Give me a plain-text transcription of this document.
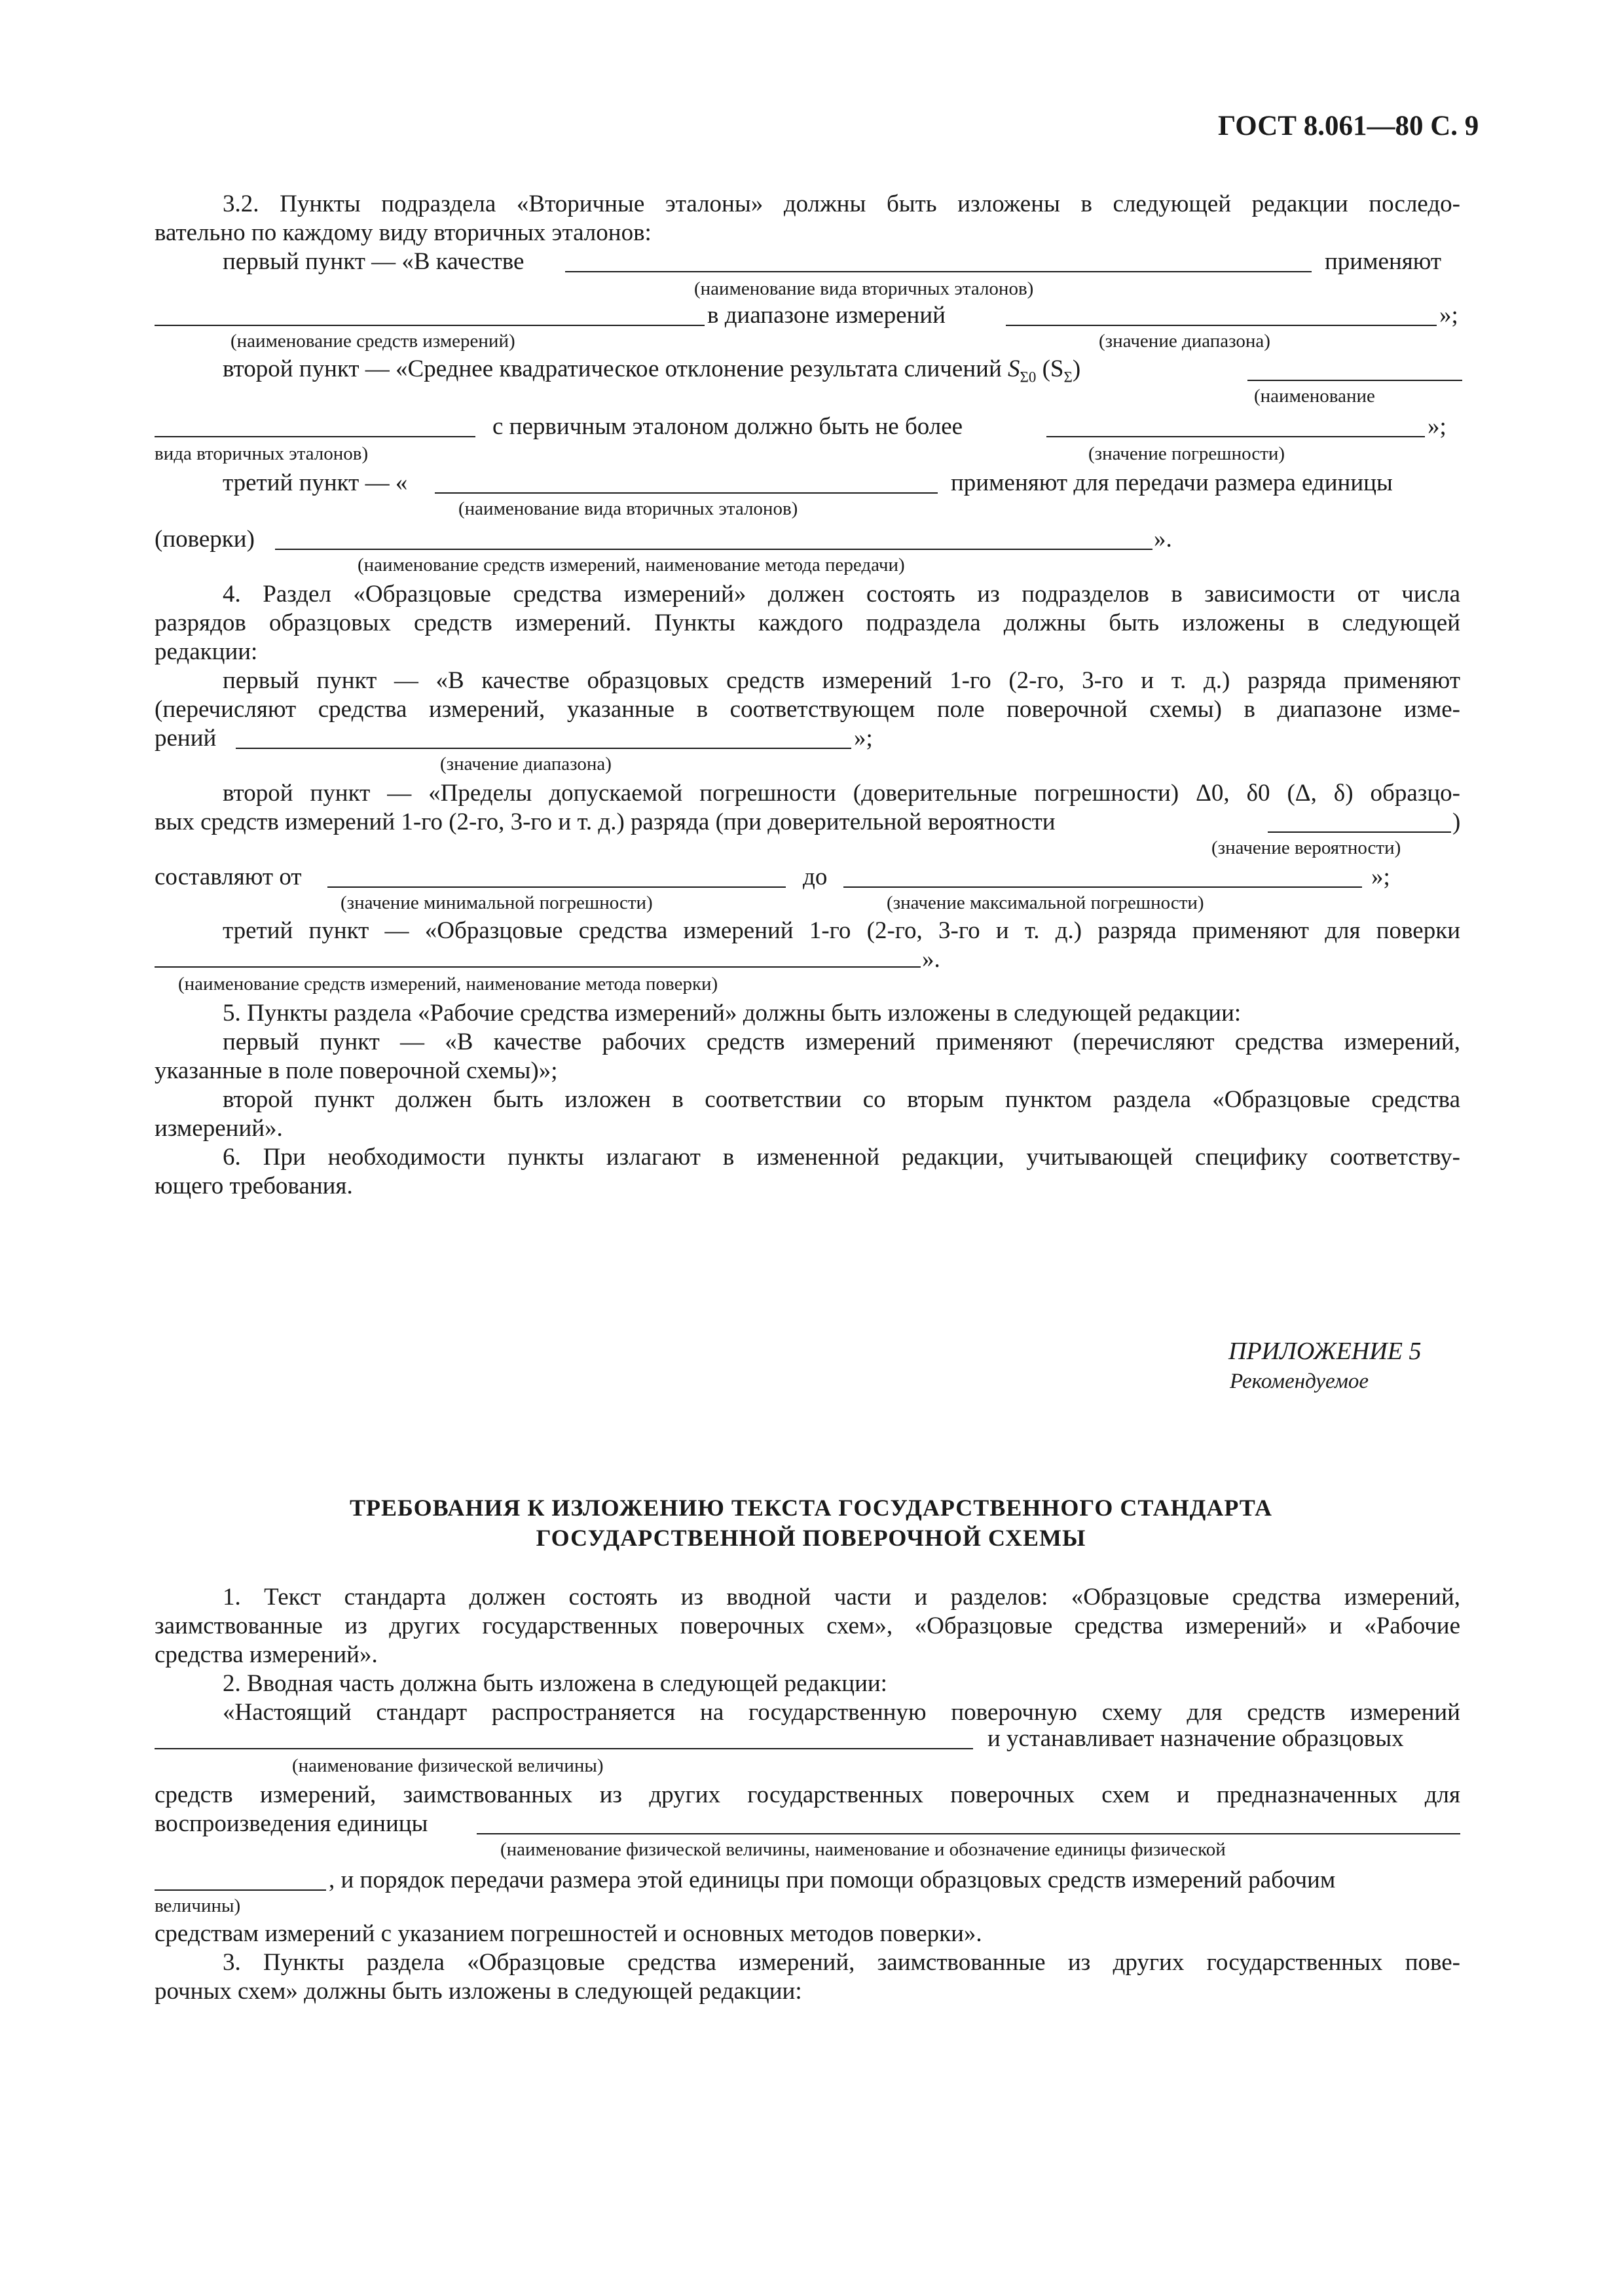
ГОСТ 8.061—80 С. 9
3.2. Пункты подраздела «Вторичные эталоны» должны быть изложены в следующей редакции последо-
вательно по каждому виду вторичных эталонов:
первый пункт — «В качестве	применяют
(наименование вида вторичных эталонов)
в диапазоне измерений	»;
(наименование средств измерений)	(значение диапазона)
второй пункт — «Среднее квадратическое отклонение результата сличений $S_{\Sigma 0}$ $(S_\Sigma)$
(наименование
с первичным эталоном должно быть не более	»;
вида вторичных эталонов)	(значение погрешности)
третий пункт — «	применяют для передачи размера единицы
(наименование вида вторичных эталонов)
(поверки)	».
(наименование средств измерений, наименование метода передачи)
4. Раздел «Образцовые средства измерений» должен состоять из подразделов в зависимости от числа
разрядов образцовых средств измерений. Пункты каждого подраздела должны быть изложены в следующей
редакции:
первый пункт — «В качестве образцовых средств измерений 1-го (2-го, 3-го и т. д.) разряда применяют
(перечисляют средства измерений, указанные в соответствующем поле поверочной схемы) в диапазоне изме-
рений	»;
(значение диапазона)
второй пункт — «Пределы допускаемой погрешности (доверительные погрешности) Δ0, δ0 (Δ, δ) образцо-
вых средств измерений 1-го (2-го, 3-го и т. д.) разряда (при доверительной вероятности	)
(значение вероятности)
составляют от	до	»;
(значение минимальной погрешности)	(значение максимальной погрешности)
третий пункт — «Образцовые средства измерений 1-го (2-го, 3-го и т. д.) разряда применяют для поверки
».
(наименование средств измерений, наименование метода поверки)
5. Пункты раздела «Рабочие средства измерений» должны быть изложены в следующей редакции:
первый пункт — «В качестве рабочих средств измерений применяют (перечисляют средства измерений,
указанные в поле поверочной схемы)»;
второй пункт должен быть изложен в соответствии со вторым пунктом раздела «Образцовые средства
измерений».
6. При необходимости пункты излагают в измененной редакции, учитывающей специфику соответству-
ющего требования.
ПРИЛОЖЕНИЕ 5
Рекомендуемое
ТРЕБОВАНИЯ К ИЗЛОЖЕНИЮ ТЕКСТА ГОСУДАРСТВЕННОГО СТАНДАРТА
ГОСУДАРСТВЕННОЙ ПОВЕРОЧНОЙ СХЕМЫ
1. Текст стандарта должен состоять из вводной части и разделов: «Образцовые средства измерений,
заимствованные из других государственных поверочных схем», «Образцовые средства измерений» и «Рабочие
средства измерений».
2. Вводная часть должна быть изложена в следующей редакции:
«Настоящий стандарт распространяется на государственную поверочную схему для средств измерений
и устанавливает назначение образцовых
(наименование физической величины)
средств измерений, заимствованных из других государственных поверочных схем и предназначенных для
воспроизведения единицы
(наименование физической величины, наименование и обозначение единицы физической
, и порядок передачи размера этой единицы при помощи образцовых средств измерений рабочим
величины)
средствам измерений с указанием погрешностей и основных методов поверки».
3. Пункты раздела «Образцовые средства измерений, заимствованные из других государственных пове-
рочных схем» должны быть изложены в следующей редакции:
